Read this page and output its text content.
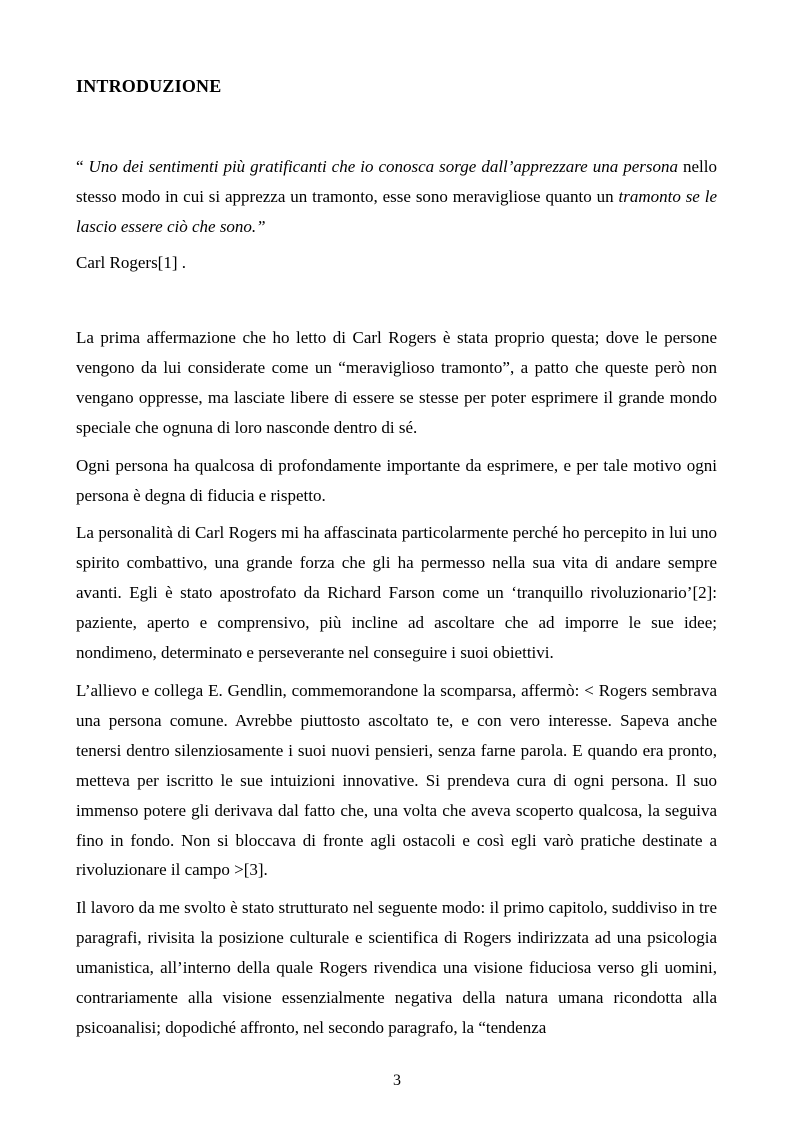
INTRODUZIONE
“ Uno dei sentimenti più gratificanti che io conosca sorge dall’apprezzare una persona nello stesso modo in cui si apprezza un tramonto, esse sono meravigliose quanto un tramonto se le lascio essere ciò che sono.”
Carl Rogers[1] .

La prima affermazione che ho letto di Carl Rogers è stata proprio questa; dove le persone vengono da lui considerate come un “meraviglioso tramonto”, a patto che queste però non vengano oppresse, ma lasciate libere di essere se stesse per poter esprimere il grande mondo speciale che ognuna di loro nasconde dentro di sé.

Ogni persona ha qualcosa di profondamente importante da esprimere, e per tale motivo ogni persona è degna di fiducia e rispetto.

La personalità di Carl Rogers mi ha affascinata particolarmente perché ho percepito in lui uno spirito combattivo, una grande forza che gli ha permesso nella sua vita di andare sempre avanti. Egli è stato apostrofato da Richard Farson come un ‘tranquillo rivoluzionario’[2]: paziente, aperto e comprensivo, più incline ad ascoltare che ad imporre le sue idee; nondimeno, determinato e perseverante nel conseguire i suoi obiettivi.

L’allievo e collega E. Gendlin, commemorandone la scomparsa, affermò: < Rogers sembrava una persona comune. Avrebbe piuttosto ascoltato te, e con vero interesse. Sapeva anche tenersi dentro silenziosamente i suoi nuovi pensieri, senza farne parola. E quando era pronto, metteva per iscritto le sue intuizioni innovative. Si prendeva cura di ogni persona. Il suo immenso potere gli derivava dal fatto che, una volta che aveva scoperto qualcosa, la seguiva fino in fondo. Non si bloccava di fronte agli ostacoli e così egli varò pratiche destinate a rivoluzionare il campo >[3].

Il lavoro da me svolto è stato strutturato nel seguente modo: il primo capitolo, suddiviso in tre paragrafi, rivisita la posizione culturale e scientifica di Rogers indirizzata ad una psicologia umanistica, all’interno della quale Rogers rivendica una visione fiduciosa verso gli uomini, contrariamente alla visione essenzialmente negativa della natura umana ricondotta alla psicoanalisi; dopodiché affronto, nel secondo paragrafo, la “tendenza

3
